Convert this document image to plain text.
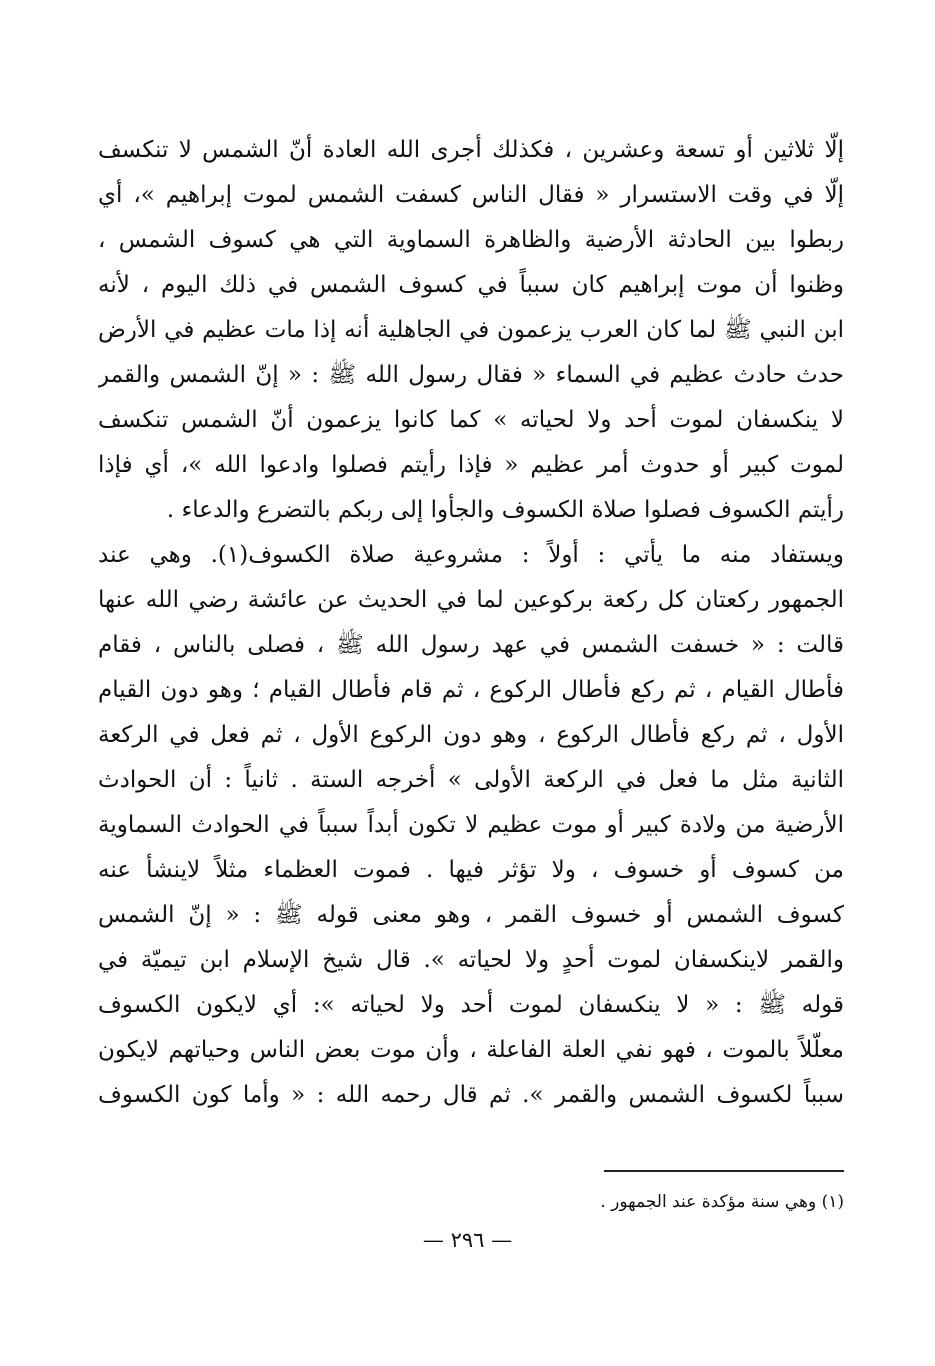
إلّا ثلاثين أو تسعة وعشرين ، فكذلك أجرى الله العادة أنّ الشمس لا تنكسف
إلّا في وقت الاستسرار « فقال الناس كسفت الشمس لموت إبراهيم »، أي
ربطوا بين الحادثة الأرضية والظاهرة السماوية التي هي كسوف الشمس ،
وظنوا أن موت إبراهيم كان سبباً في كسوف الشمس في ذلك اليوم ، لأنه
ابن النبي ﷺ لما كان العرب يزعمون في الجاهلية أنه إذا مات عظيم في الأرض
حدث حادث عظيم في السماء « فقال رسول الله ﷺ : « إنّ الشمس والقمر
لا ينكسفان لموت أحد ولا لحياته » كما كانوا يزعمون أنّ الشمس تنكسف
لموت كبير أو حدوث أمر عظيم « فإذا رأيتم فصلوا وادعوا الله »، أي فإذا
رأيتم الكسوف فصلوا صلاة الكسوف والجأوا إلى ربكم بالتضرع والدعاء .
ويستفاد منه ما يأتي : أولاً : مشروعية صلاة الكسوف(١). وهي عند
الجمهور ركعتان كل ركعة بركوعين لما في الحديث عن عائشة رضي الله عنها
قالت : « خسفت الشمس في عهد رسول الله ﷺ ، فصلى بالناس ، فقام
فأطال القيام ، ثم ركع فأطال الركوع ، ثم قام فأطال القيام ؛ وهو دون القيام
الأول ، ثم ركع فأطال الركوع ، وهو دون الركوع الأول ، ثم فعل في الركعة
الثانية مثل ما فعل في الركعة الأولى » أخرجه الستة . ثانياً : أن الحوادث
الأرضية من ولادة كبير أو موت عظيم لا تكون أبداً سبباً في الحوادث السماوية
من كسوف أو خسوف ، ولا تؤثر فيها . فموت العظماء مثلاً لاينشأ عنه
كسوف الشمس أو خسوف القمر ، وهو معنى قوله ﷺ : « إنّ الشمس
والقمر لاينكسفان لموت أحدٍ ولا لحياته ». قال شيخ الإسلام ابن تيميّة في
قوله ﷺ : « لا ينكسفان لموت أحد ولا لحياته »: أي لايكون الكسوف
معلّلاً بالموت ، فهو نفي العلة الفاعلة ، وأن موت بعض الناس وحياتهم لايكون
سبباً لكسوف الشمس والقمر ». ثم قال رحمه الله : « وأما كون الكسوف
(١) وهي سنة مؤكدة عند الجمهور .
— ٢٩٦ —
